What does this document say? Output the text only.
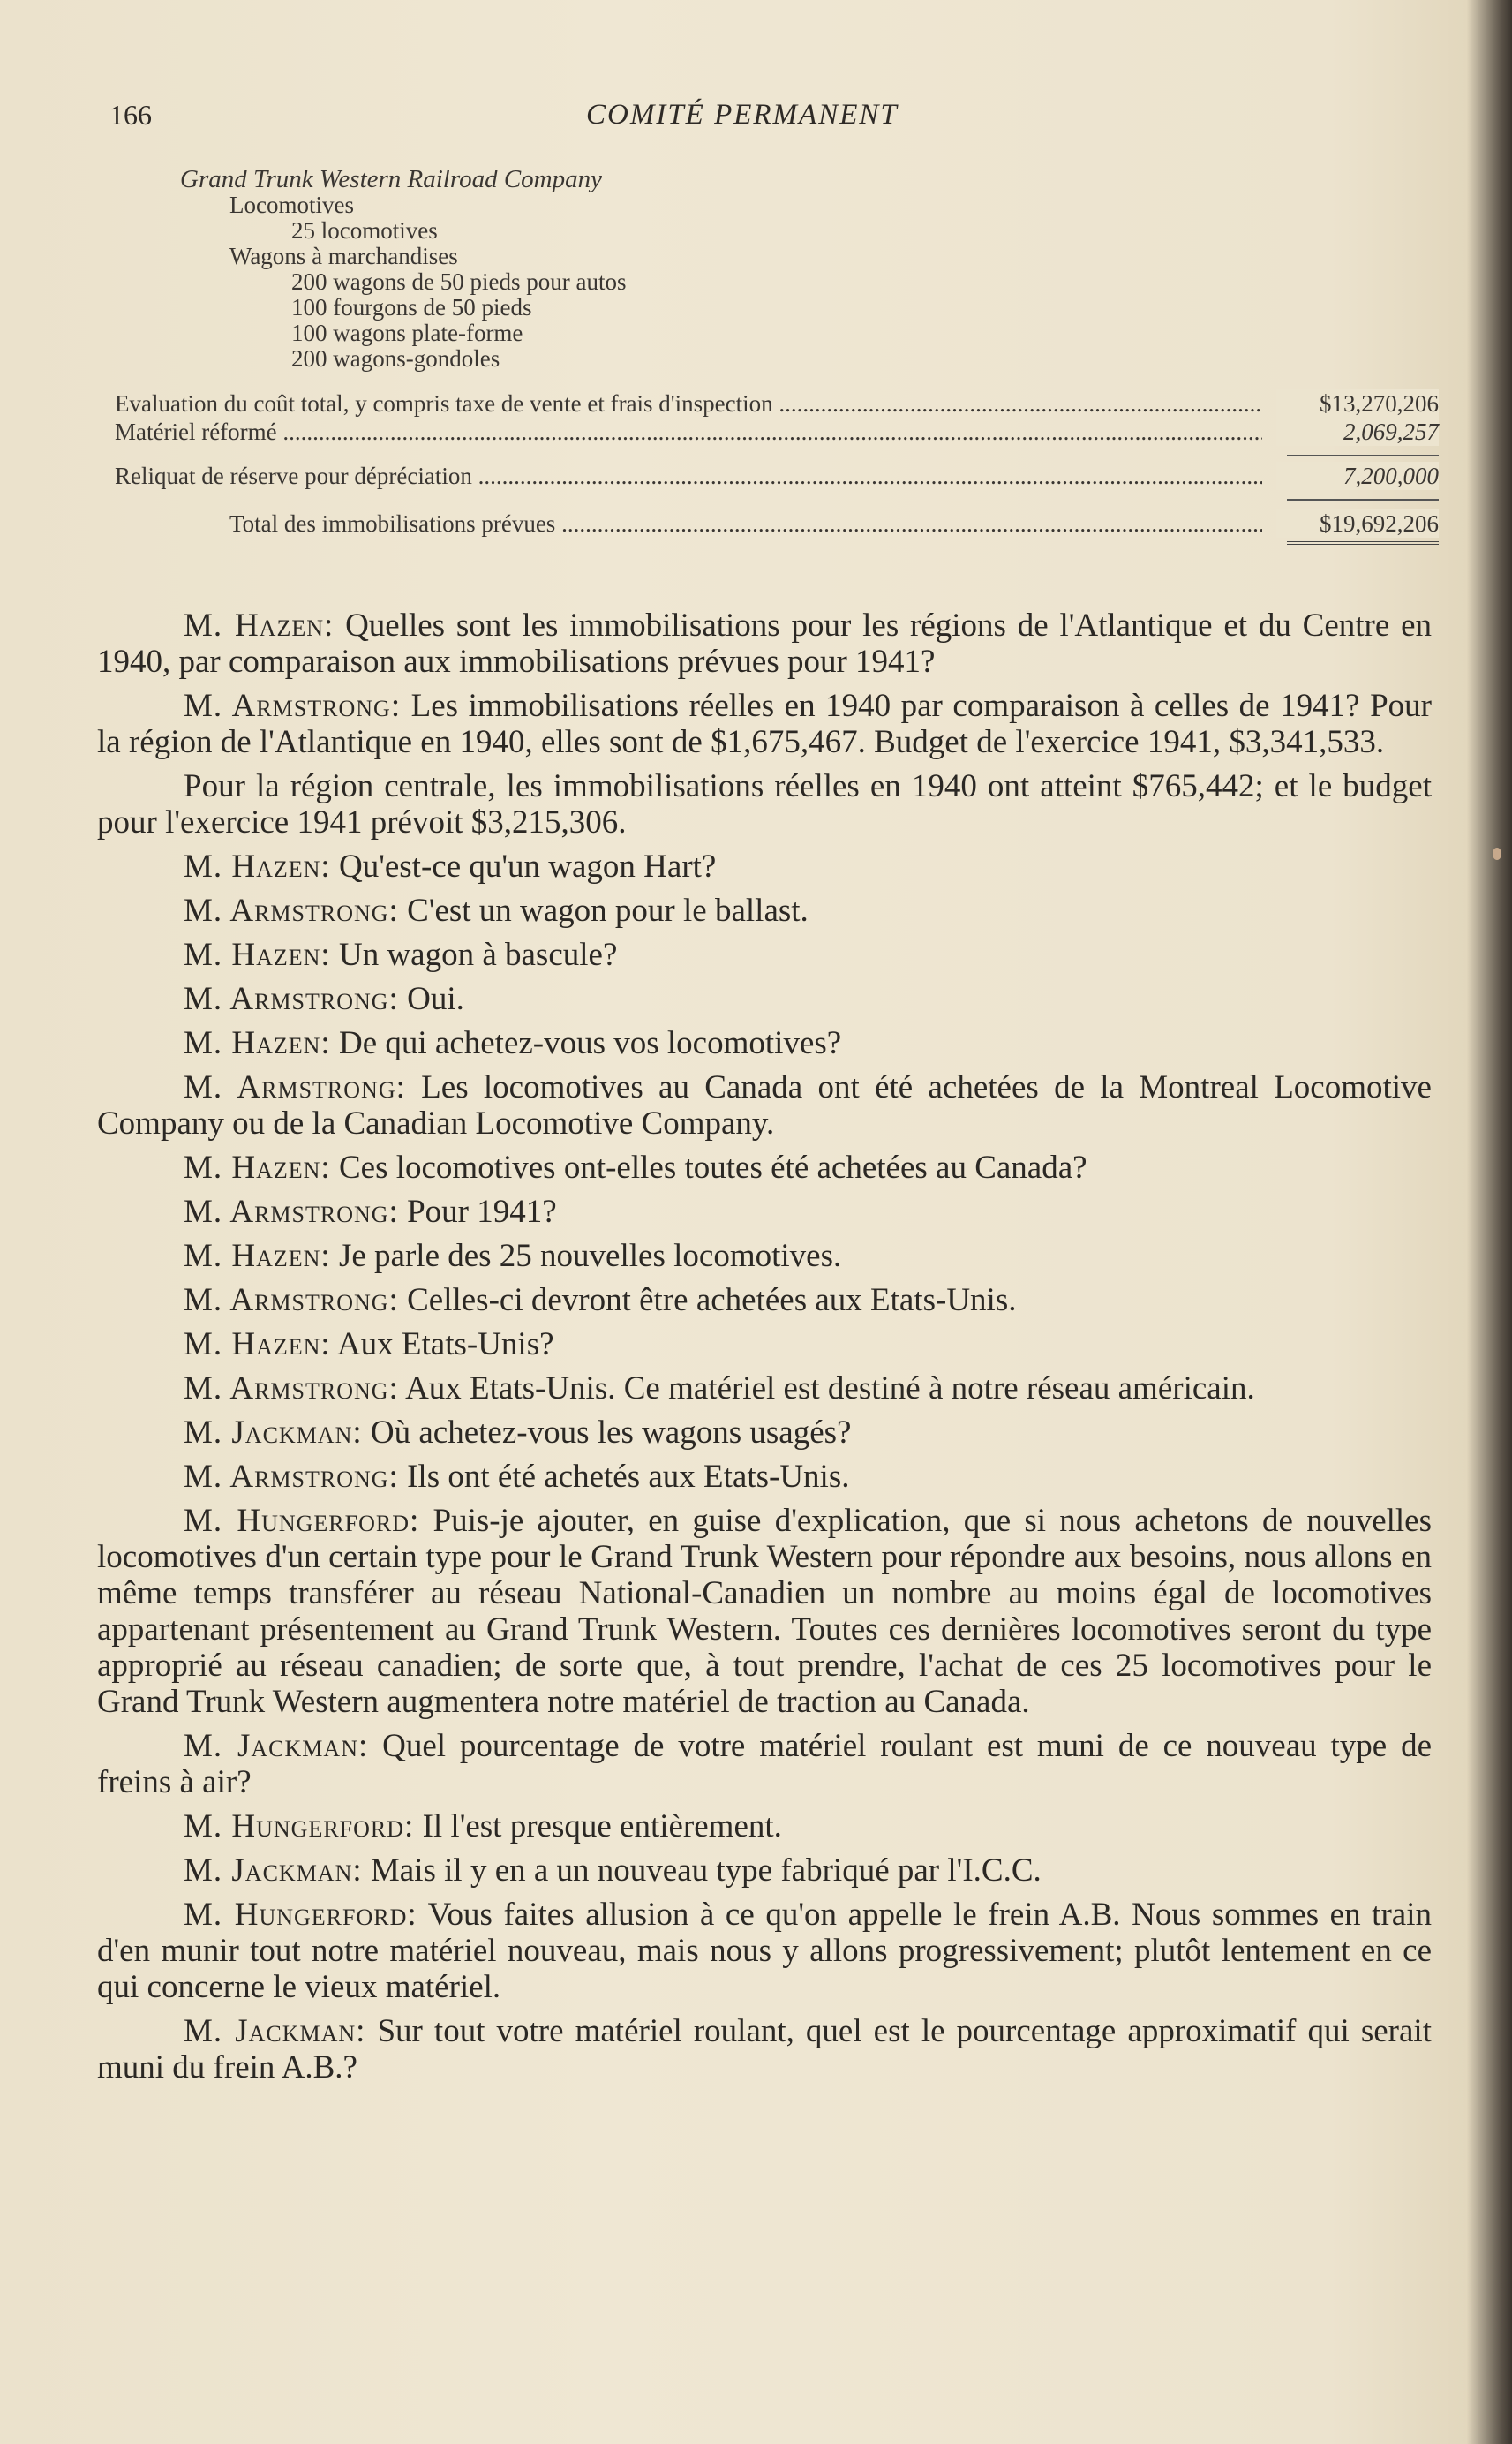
166	COMITÉ PERMANENT
Grand Trunk Western Railroad Company
Locomotives
25 locomotives
Wagons à marchandises
200 wagons de 50 pieds pour autos
100 fourgons de 50 pieds
100 wagons plate-forme
200 wagons-gondoles
Evaluation du coût total, y compris taxe de vente et frais d'inspection .....	$13,270,206
Matériel réformé .....	2,069,257
Reliquat de réserve pour dépréciation .....	7,200,000
Total des immobilisations prévues .....	$19,692,206

M. Hazen: Quelles sont les immobilisations pour les régions de l'Atlantique et du Centre en 1940, par comparaison aux immobilisations prévues pour 1941?

M. Armstrong: Les immobilisations réelles en 1940 par comparaison à celles de 1941? Pour la région de l'Atlantique en 1940, elles sont de $1,675,467. Budget de l'exercice 1941, $3,341,533.

Pour la région centrale, les immobilisations réelles en 1940 ont atteint $765,442; et le budget pour l'exercice 1941 prévoit $3,215,306.

M. Hazen: Qu'est-ce qu'un wagon Hart?

M. Armstrong: C'est un wagon pour le ballast.

M. Hazen: Un wagon à bascule?

M. Armstrong: Oui.

M. Hazen: De qui achetez-vous vos locomotives?

M. Armstrong: Les locomotives au Canada ont été achetées de la Montreal Locomotive Company ou de la Canadian Locomotive Company.

M. Hazen: Ces locomotives ont-elles toutes été achetées au Canada?

M. Armstrong: Pour 1941?

M. Hazen: Je parle des 25 nouvelles locomotives.

M. Armstrong: Celles-ci devront être achetées aux Etats-Unis.

M. Hazen: Aux Etats-Unis?

M. Armstrong: Aux Etats-Unis. Ce matériel est destiné à notre réseau américain.

M. Jackman: Où achetez-vous les wagons usagés?

M. Armstrong: Ils ont été achetés aux Etats-Unis.

M. Hungerford: Puis-je ajouter, en guise d'explication, que si nous achetons de nouvelles locomotives d'un certain type pour le Grand Trunk Western pour répondre aux besoins, nous allons en même temps transférer au réseau National-Canadien un nombre au moins égal de locomotives appartenant présentement au Grand Trunk Western. Toutes ces dernières locomotives seront du type approprié au réseau canadien; de sorte que, à tout prendre, l'achat de ces 25 locomotives pour le Grand Trunk Western augmentera notre matériel de traction au Canada.

M. Jackman: Quel pourcentage de votre matériel roulant est muni de ce nouveau type de freins à air?

M. Hungerford: Il l'est presque entièrement.

M. Jackman: Mais il y en a un nouveau type fabriqué par l'I.C.C.

M. Hungerford: Vous faites allusion à ce qu'on appelle le frein A.B. Nous sommes en train d'en munir tout notre matériel nouveau, mais nous y allons progressivement; plutôt lentement en ce qui concerne le vieux matériel.

M. Jackman: Sur tout votre matériel roulant, quel est le pourcentage approximatif qui serait muni du frein A.B.?
